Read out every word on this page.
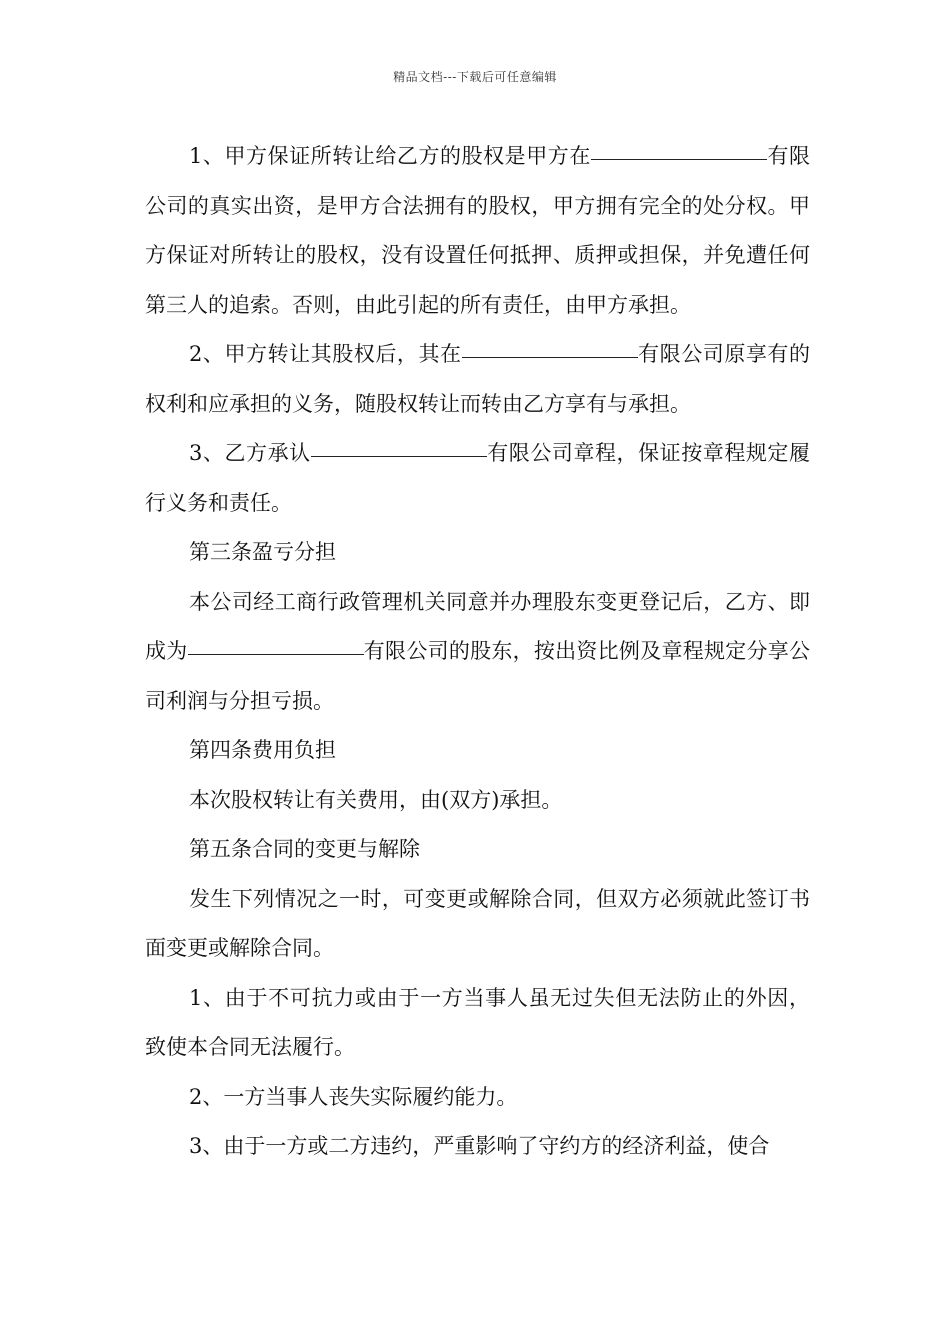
精品文档---下载后可任意编辑

1、甲方保证所转让给乙方的股权是甲方在	有限公司的真实出资，是甲方合法拥有的股权，甲方拥有完全的处分权。甲方保证对所转让的股权，没有设置任何抵押、质押或担保，并免遭任何第三人的追索。否则，由此引起的所有责任，由甲方承担。

2、甲方转让其股权后，其在	有限公司原享有的权利和应承担的义务，随股权转让而转由乙方享有与承担。

3、乙方承认	有限公司章程，保证按章程规定履行义务和责任。

第三条盈亏分担

本公司经工商行政管理机关同意并办理股东变更登记后，乙方、即成为	有限公司的股东，按出资比例及章程规定分享公司利润与分担亏损。

第四条费用负担

本次股权转让有关费用，由(双方)承担。

第五条合同的变更与解除

发生下列情况之一时，可变更或解除合同，但双方必须就此签订书面变更或解除合同。

1、由于不可抗力或由于一方当事人虽无过失但无法防止的外因，致使本合同无法履行。

2、一方当事人丧失实际履约能力。

3、由于一方或二方违约，严重影响了守约方的经济利益，使合
